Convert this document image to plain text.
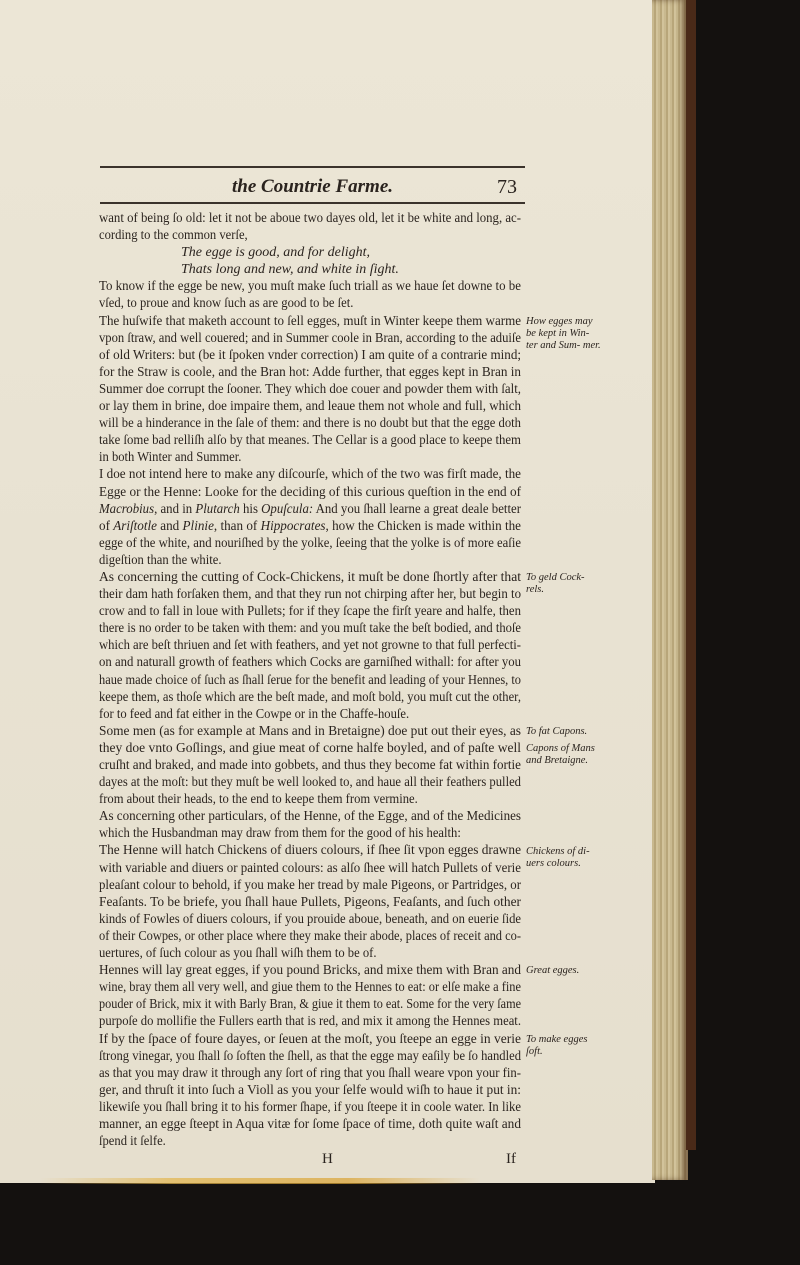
the Countrie Farme.	73
want of being ſo old: let it not be aboue two dayes old, let it be white and long, ac-
cording to the common verſe,
The egge is good, and for delight,
Thats long and new, and white in ſight.
To know if the egge be new, you muſt make ſuch triall as we haue ſet downe to be
vſed, to proue and know ſuch as are good to be ſet.
The huſwife that maketh account to ſell egges, muſt in Winter keepe them warme
vpon ſtraw, and well couered; and in Summer coole in Bran, according to the aduiſe
of old Writers: but (be it ſpoken vnder correction) I am quite of a contrarie mind;
for the Straw is coole, and the Bran hot: Adde further, that egges kept in Bran in
Summer doe corrupt the ſooner. They which doe couer and powder them with ſalt,
or lay them in brine, doe impaire them, and leaue them not whole and full, which
will be a hinderance in the ſale of them: and there is no doubt but that the egge doth
take ſome bad relliſh alſo by that meanes. The Cellar is a good place to keepe them
in both Winter and Summer.
I doe not intend here to make any diſcourſe, which of the two was firſt made, the
Egge or the Henne: Looke for the deciding of this curious queſtion in the end of
Macrobius, and in Plutarch his Opuſcula: And you ſhall learne a great deale better
of Ariſtotle and Plinie, than of Hippocrates, how the Chicken is made within the
egge of the white, and nouriſhed by the yolke, ſeeing that the yolke is of more eaſie
digeſtion than the white.
As concerning the cutting of Cock-Chickens, it muſt be done ſhortly after that
their dam hath forſaken them, and that they run not chirping after her, but begin to
crow and to fall in loue with Pullets; for if they ſcape the firſt yeare and halfe, then
there is no order to be taken with them: and you muſt take the beſt bodied, and thoſe
which are beſt thriuen and ſet with feathers, and yet not growne to that full perfecti-
on and naturall growth of feathers which Cocks are garniſhed withall: for after you
haue made choice of ſuch as ſhall ſerue for the benefit and leading of your Hennes, to
keepe them, as thoſe which are the beſt made, and moſt bold, you muſt cut the other,
for to feed and fat either in the Cowpe or in the Chaffe-houſe.
Some men (as for example at Mans and in Bretaigne) doe put out their eyes, as
they doe vnto Goſlings, and giue meat of corne halfe boyled, and of paſte well
cruſht and braked, and made into gobbets, and thus they become fat within fortie
dayes at the moſt: but they muſt be well looked to, and haue all their feathers pulled
from about their heads, to the end to keepe them from vermine.
As concerning other particulars, of the Henne, of the Egge, and of the Medicines
which the Husbandman may draw from them for the good of his health:
The Henne will hatch Chickens of diuers colours, if ſhee ſit vpon egges drawne
with variable and diuers or painted colours: as alſo ſhee will hatch Pullets of verie
pleaſant colour to behold, if you make her tread by male Pigeons, or Partridges, or
Feaſants. To be briefe, you ſhall haue Pullets, Pigeons, Feaſants, and ſuch other
kinds of Fowles of diuers colours, if you prouide aboue, beneath, and on euerie ſide
of their Cowpes, or other place where they make their abode, places of receit and co-
uertures, of ſuch colour as you ſhall wiſh them to be of.
Hennes will lay great egges, if you pound Bricks, and mixe them with Bran and
wine, bray them all very well, and giue them to the Hennes to eat: or elſe make a fine
pouder of Brick, mix it with Barly Bran, & giue it them to eat. Some for the very ſame
purpoſe do mollifie the Fullers earth that is red, and mix it among the Hennes meat.
If by the ſpace of foure dayes, or ſeuen at the moſt, you ſteepe an egge in verie
ſtrong vinegar, you ſhall ſo ſoften the ſhell, as that the egge may eaſily be ſo handled
as that you may draw it through any ſort of ring that you ſhall weare vpon your fin-
ger, and thruſt it into ſuch a Violl as you your ſelfe would wiſh to haue it put in:
likewiſe you ſhall bring it to his former ſhape, if you ſteepe it in coole water. In like
manner, an egge ſteept in Aqua vitæ for ſome ſpace of time, doth quite waſt and
ſpend it ſelfe.
How egges may be kept in Win- ter and Sum- mer.
To geld Cock- rels.
To fat Capons.
Capons of Mans and Bretaigne.
Chickens of di- uers colours.
Great egges.
To make egges ſoft.
H	If
